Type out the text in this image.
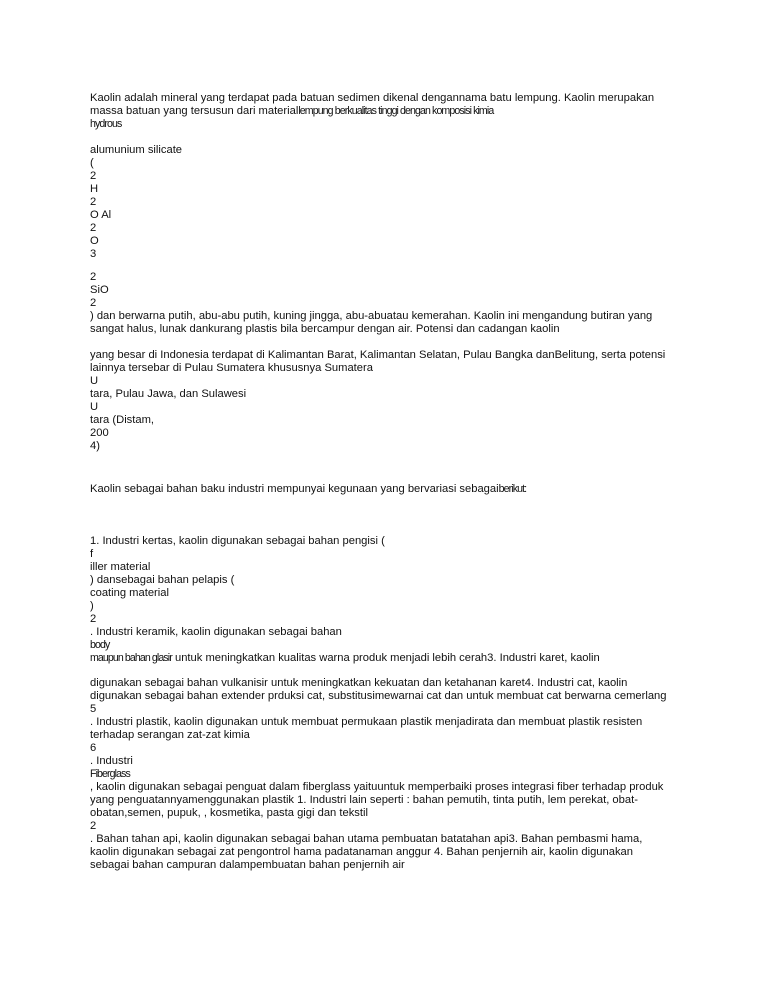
Kaolin adalah mineral yang terdapat pada batuan sedimen dikenal dengannama batu lempung. Kaolin merupakan
massa batuan yang tersusun dari materiallempung berkualitas tinggi dengan komposisi kimia
hydrous
alumunium silicate
(
2
H
2
O Al
2
O
3
2
SiO
2
) dan berwarna putih, abu-abu putih, kuning jingga, abu-abuatau kemerahan. Kaolin ini mengandung butiran yang
sangat halus, lunak dankurang plastis bila bercampur dengan air. Potensi dan cadangan kaolin
yang besar di Indonesia terdapat di Kalimantan Barat, Kalimantan Selatan, Pulau Bangka danBelitung, serta potensi
lainnya tersebar di Pulau Sumatera khususnya Sumatera
U
tara, Pulau Jawa, dan Sulawesi
U
tara (Distam,
200
4)
Kaolin sebagai bahan baku industri mempunyai kegunaan yang bervariasi sebagaiberikut:
1. Industri kertas, kaolin digunakan sebagai bahan pengisi (
f
iller material
) dansebagai bahan pelapis (
coating material
)
2
. Industri keramik, kaolin digunakan sebagai bahan
body
maupun bahan glasir untuk meningkatkan kualitas warna produk menjadi lebih cerah3. Industri karet, kaolin
digunakan sebagai bahan vulkanisir untuk meningkatkan kekuatan dan ketahanan karet4. Industri cat, kaolin
digunakan sebagai bahan extender prduksi cat, substitusimewarnai cat dan untuk membuat cat berwarna cemerlang
5
. Industri plastik, kaolin digunakan untuk membuat permukaan plastik menjadirata dan membuat plastik resisten
terhadap serangan zat-zat kimia
6
. Industri
Fiberglass
, kaolin digunakan sebagai penguat dalam fiberglass yaituuntuk memperbaiki proses integrasi fiber terhadap produk
yang penguatannyamenggunakan plastik 1. Industri lain seperti : bahan pemutih, tinta putih, lem perekat, obat-
obatan,semen, pupuk, , kosmetika, pasta gigi dan tekstil
2
. Bahan tahan api, kaolin digunakan sebagai bahan utama pembuatan batatahan api3. Bahan pembasmi hama,
kaolin digunakan sebagai zat pengontrol hama padatanaman anggur 4. Bahan penjernih air, kaolin digunakan
sebagai bahan campuran dalampembuatan bahan penjernih air
